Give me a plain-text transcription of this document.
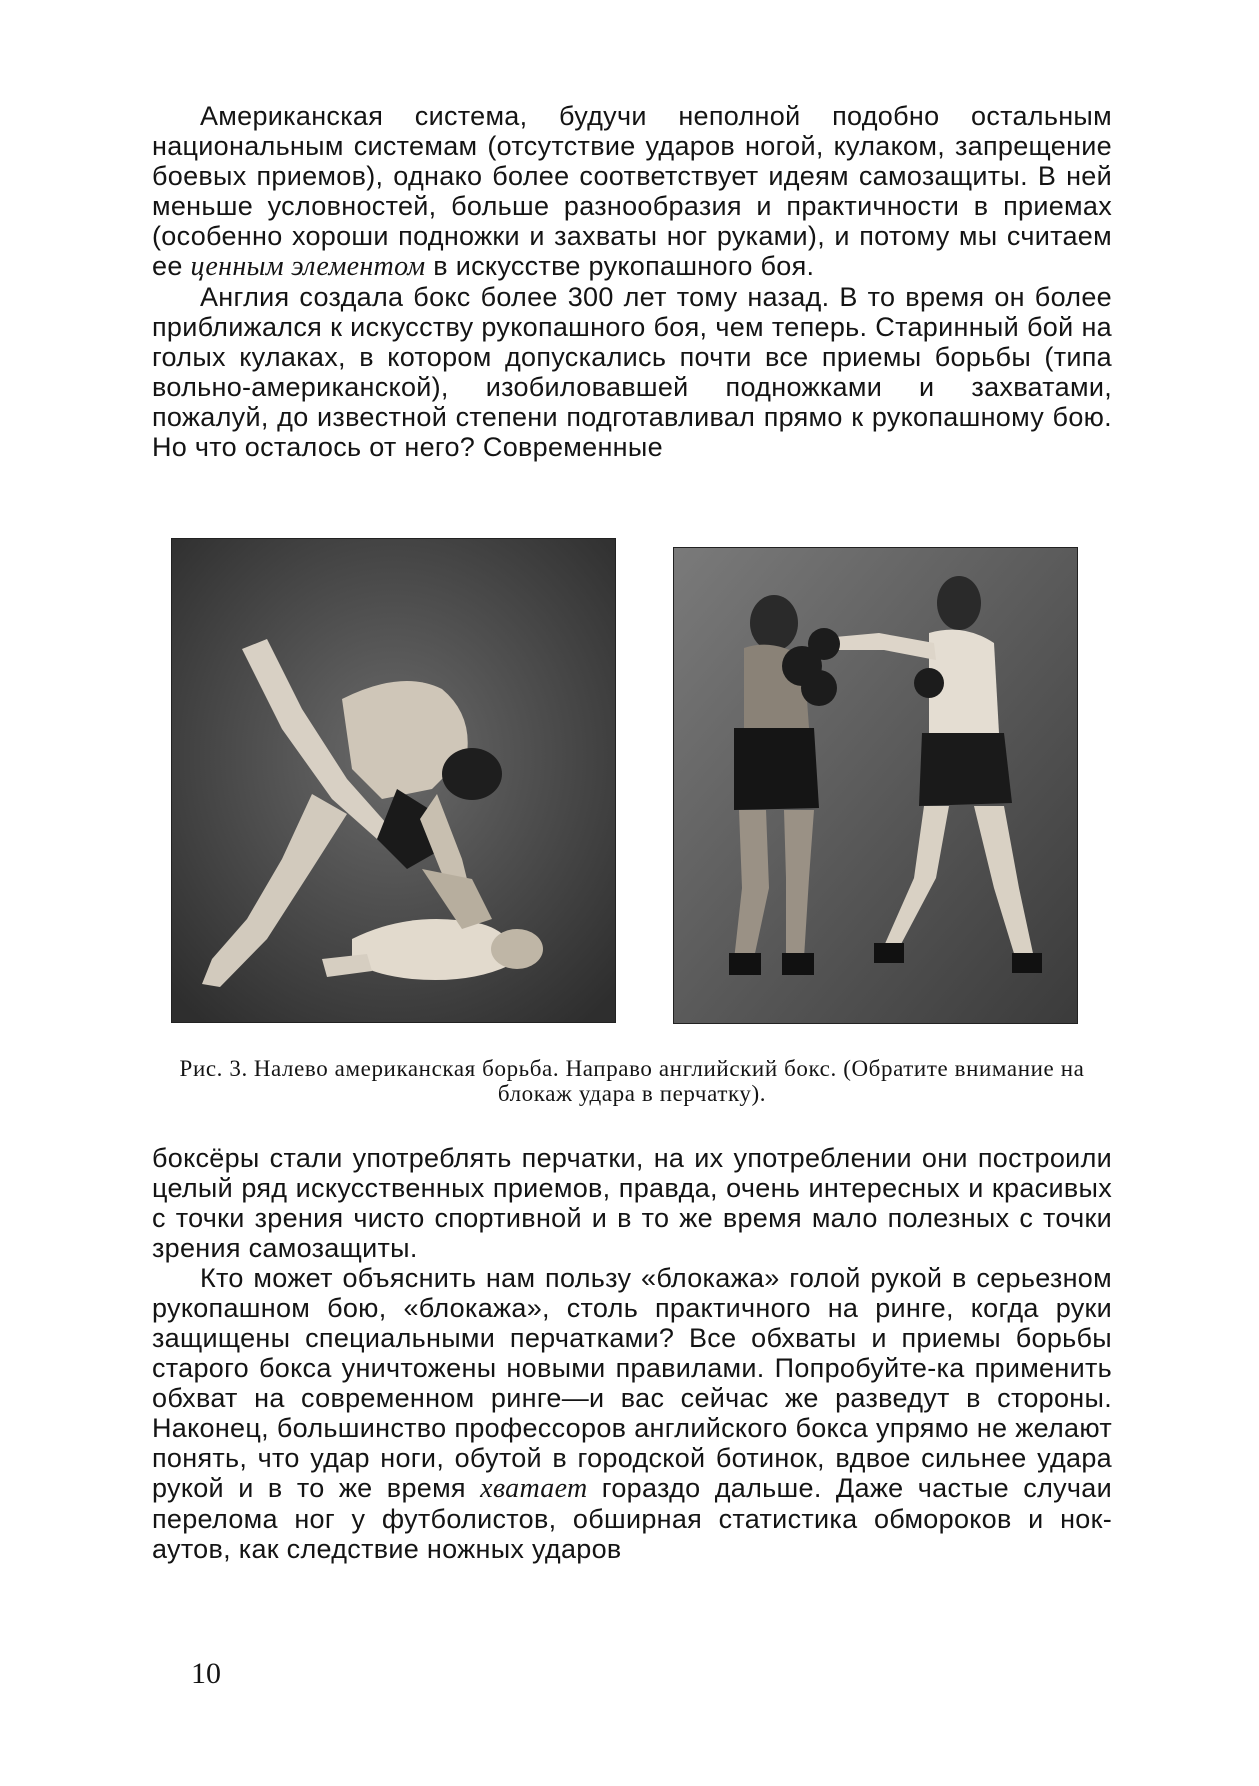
Американская система, будучи неполной подобно остальным национальным системам (отсутствие ударов ногой, кулаком, запрещение боевых приемов), однако более соответствует идеям самозащиты. В ней меньше условностей, больше разнообразия и практичности в приемах (особенно хороши подножки и захваты ног руками), и потому мы считаем ее ценным элементом в искусстве рукопашного боя.

Англия создала бокс более 300 лет тому назад. В то время он более приближался к искусству рукопашного боя, чем теперь. Старинный бой на голых кулаках, в котором допускались почти все приемы борьбы (типа вольно-американской), изобиловавшей подножками и захватами, пожалуй, до известной степени подготавливал прямо к рукопашному бою. Но что осталось от него? Современные

Рис. 3. Налево американская борьба. Направо английский бокс. (Обратите внимание на блокаж удара в перчатку).

боксёры стали употреблять перчатки, на их употреблении они построили целый ряд искусственных приемов, правда, очень интересных и красивых с точки зрения чисто спортивной и в то же время мало полезных с точки зрения самозащиты.

Кто может объяснить нам пользу «блокажа» голой рукой в серьезном рукопашном бою, «блокажа», столь практичного на ринге, когда руки защищены специальными перчатками? Все обхваты и приемы борьбы старого бокса уничтожены новыми правилами. Попробуйте-ка применить обхват на современном ринге—и вас сейчас же разведут в стороны. Наконец, большинство профессоров английского бокса упрямо не желают понять, что удар ноги, обутой в городской ботинок, вдвое сильнее удара рукой и в то же время хватает гораздо дальше. Даже частые случаи перелома ног у футболистов, обширная статистика обмороков и нок-аутов, как следствие ножных ударов

10
